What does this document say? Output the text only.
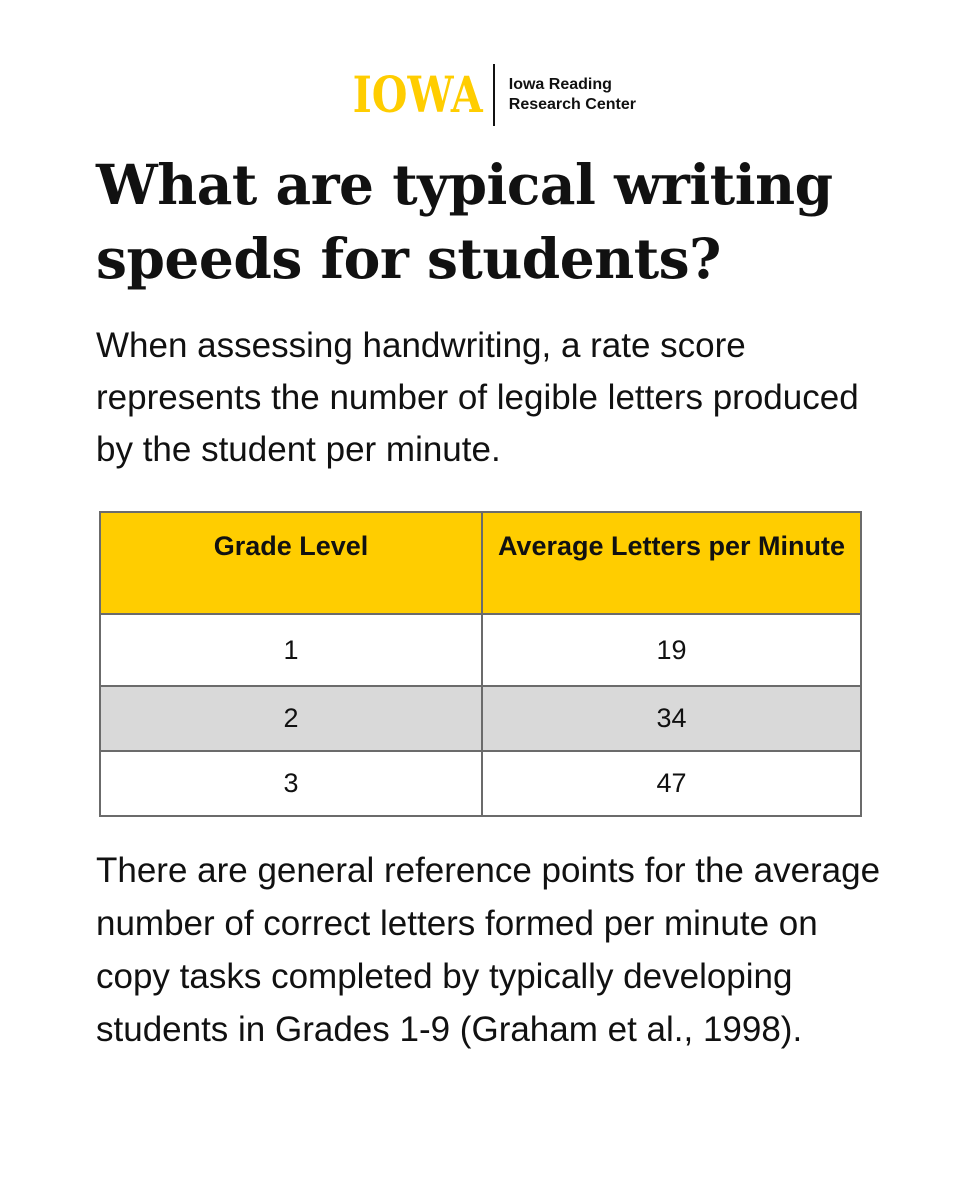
IOWA Iowa Reading
Research Center
What are typical writing speeds for students?

When assessing handwriting, a rate score represents the number of legible letters produced by the student per minute.

Grade Level	Average Letters per Minute
1	19
2	34
3	47

There are general reference points for the average number of correct letters formed per minute on copy tasks completed by typically developing students in Grades 1-9 (Graham et al., 1998).
